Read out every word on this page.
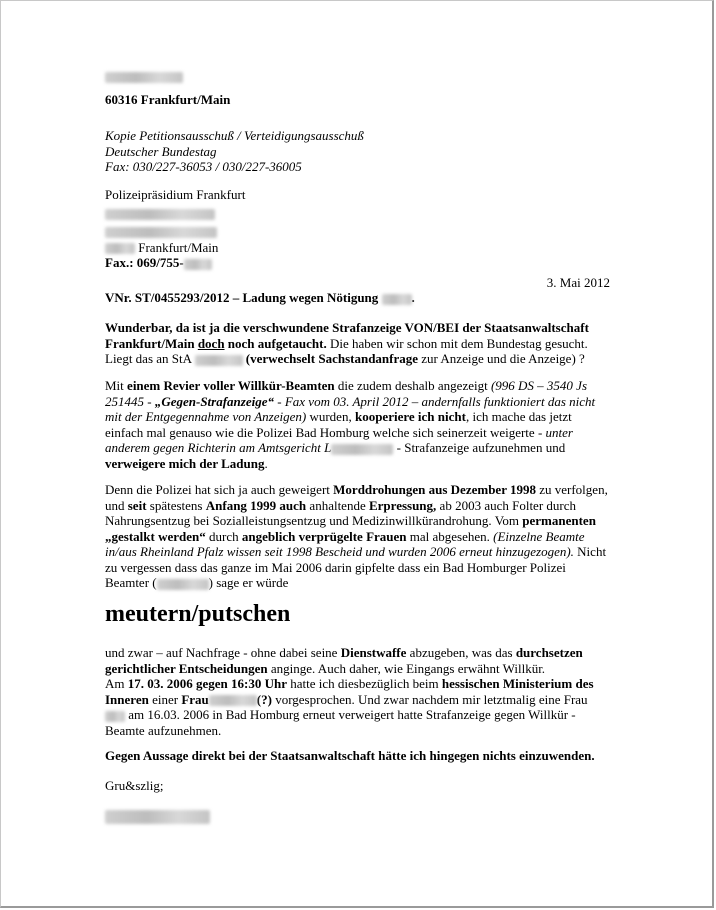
60316 Frankfurt/Main
Kopie Petitionsausschuß / Verteidigungsausschuß
Deutscher Bundestag
Fax: 030/227-36053 / 030/227-36005
Polizeipräsidium Frankfurt
Frankfurt/Main
Fax.: 069/755-
3. Mai 2012
VNr. ST/0455293/2012 – Ladung wegen Nötigung	.

Wunderbar, da ist ja die verschwundene Strafanzeige VON/BEI der Staatsanwaltschaft Frankfurt/Main doch noch aufgetaucht. Die haben wir schon mit dem Bundestag gesucht. Liegt das an StA	(verwechselt Sachstandanfrage zur Anzeige und die Anzeige) ?

Mit einem Revier voller Willkür-Beamten die zudem deshalb angezeigt (996 DS – 3540 Js 251445 - „Gegen-Strafanzeige“ - Fax vom 03. April 2012 – andernfalls funktioniert das nicht mit der Entgegennahme von Anzeigen) wurden, kooperiere ich nicht, ich mache das jetzt einfach mal genauso wie die Polizei Bad Homburg welche sich seinerzeit weigerte - unter anderem gegen Richterin am Amtsgericht L	- Strafanzeige aufzunehmen und verweigere mich der Ladung.

Denn die Polizei hat sich ja auch geweigert Morddrohungen aus Dezember 1998 zu verfolgen, und seit spätestens Anfang 1999 auch anhaltende Erpressung, ab 2003 auch Folter durch Nahrungsentzug bei Sozialleistungsentzug und Medizinwillkürandrohung. Vom permanenten „gestalkt werden“ durch angeblich verprügelte Frauen mal abgesehen. (Einzelne Beamte in/aus Rheinland Pfalz wissen seit 1998 Bescheid und wurden 2006 erneut hinzugezogen). Nicht zu vergessen dass das ganze im Mai 2006 darin gipfelte dass ein Bad Homburger Polizei Beamter (	) sage er würde

meutern/putschen

und zwar – auf Nachfrage - ohne dabei seine Dienstwaffe abzugeben, was das durchsetzen gerichtlicher Entscheidungen anginge. Auch daher, wie Eingangs erwähnt Willkür.
Am 17. 03. 2006 gegen 16:30 Uhr hatte ich diesbezüglich beim hessischen Ministerium des Inneren einer Frau	(?) vorgesprochen. Und zwar nachdem mir letztmalig eine Frau  am 16.03. 2006 in Bad Homburg erneut verweigert hatte Strafanzeige gegen Willkür - Beamte aufzunehmen.

Gegen Aussage direkt bei der Staatsanwaltschaft hätte ich hingegen nichts einzuwenden.
Gru&szlig;
